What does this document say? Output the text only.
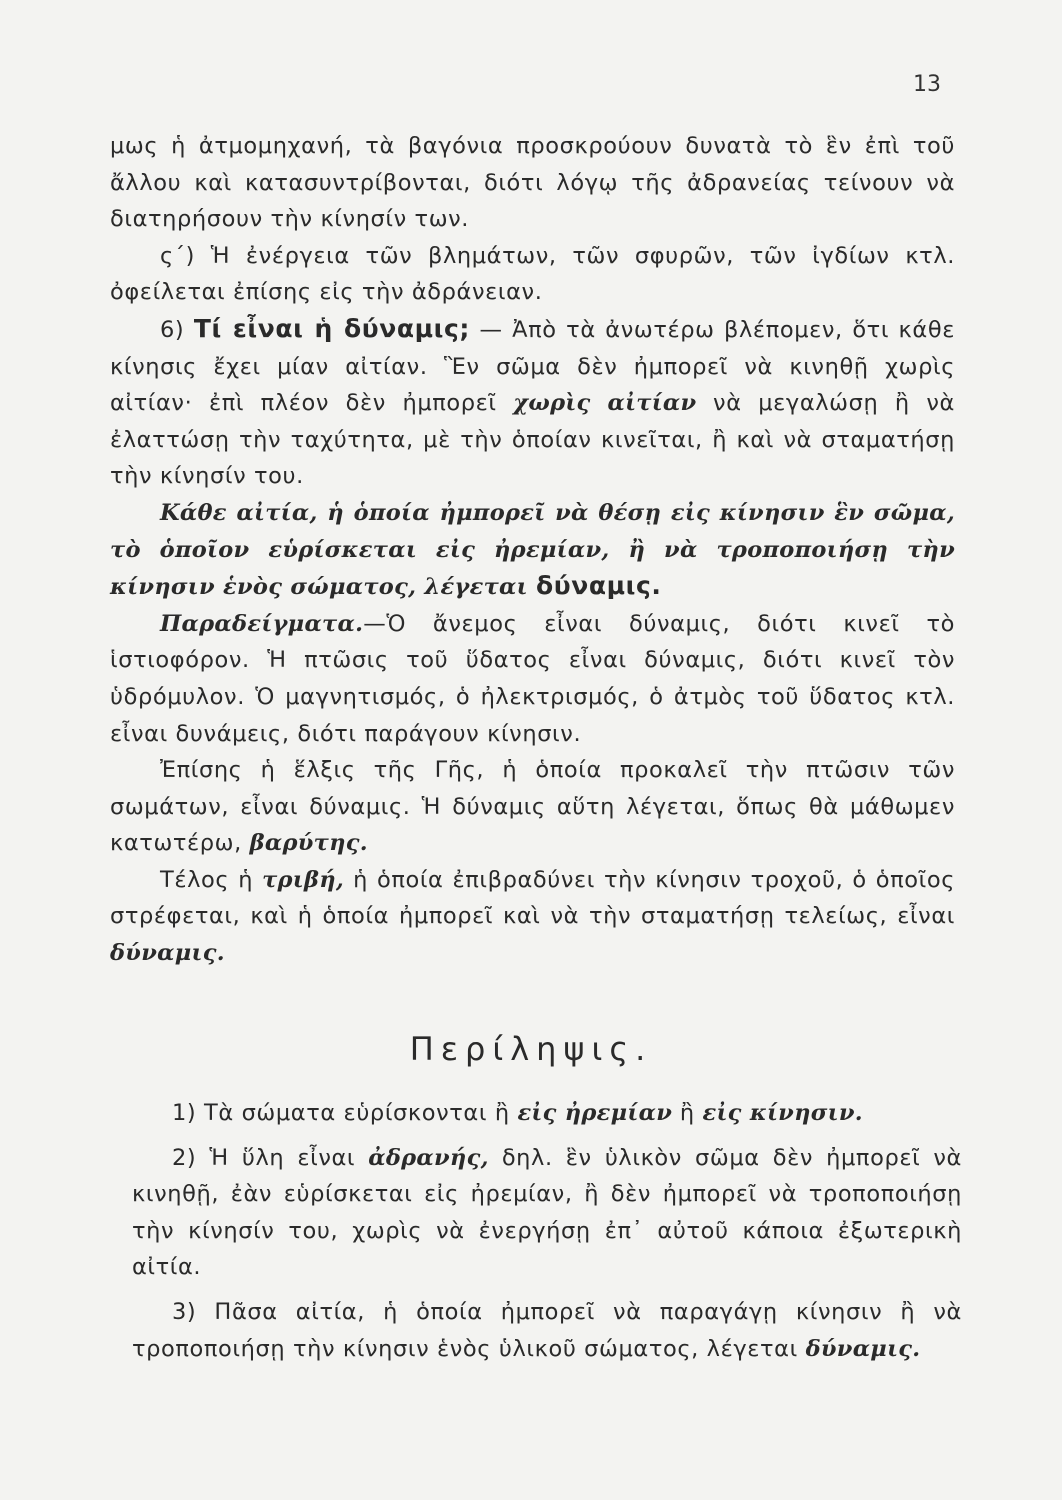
13

μως ἡ ἀτμομηχανή, τὰ βαγόνια προσκρούουν δυνατὰ τὸ ἓν ἐπὶ τοῦ ἄλλου καὶ κατασυντρίβονται, διότι λόγῳ τῆς ἀδρανείας τείνουν νὰ διατηρήσουν τὴν κίνησίν των.

ς´) Ἡ ἐνέργεια τῶν βλημάτων, τῶν σφυρῶν, τῶν ἰγδίων κτλ. ὀφείλεται ἐπίσης εἰς τὴν ἀδράνειαν.

6) Τί εἶναι ἡ δύναμις; — Ἀπὸ τὰ ἀνωτέρω βλέπομεν, ὅτι κάθε κίνησις ἔχει μίαν αἰτίαν. Ἓν σῶμα δὲν ἠμπορεῖ νὰ κινηθῇ χωρὶς αἰτίαν· ἐπὶ πλέον δὲν ἠμπορεῖ χωρὶς αἰτίαν νὰ μεγαλώσῃ ἢ νὰ ἐλαττώσῃ τὴν ταχύτητα, μὲ τὴν ὁποίαν κινεῖται, ἢ καὶ νὰ σταματήσῃ τὴν κίνησίν του.

Κάθε αἰτία, ἡ ὁποία ἠμπορεῖ νὰ θέσῃ εἰς κίνησιν ἓν σῶμα, τὸ ὁποῖον εὑρίσκεται εἰς ἠρεμίαν, ἢ νὰ τροποποιήσῃ τὴν κίνησιν ἑνὸς σώματος, λέγεται δύναμις.

Παραδείγματα.—Ὁ ἄνεμος εἶναι δύναμις, διότι κινεῖ τὸ ἱστιοφόρον. Ἡ πτῶσις τοῦ ὕδατος εἶναι δύναμις, διότι κινεῖ τὸν ὑδρόμυλον. Ὁ μαγνητισμός, ὁ ἠλεκτρισμός, ὁ ἀτμὸς τοῦ ὕδατος κτλ. εἶναι δυνάμεις, διότι παράγουν κίνησιν.

Ἐπίσης ἡ ἕλξις τῆς Γῆς, ἡ ὁποία προκαλεῖ τὴν πτῶσιν τῶν σωμάτων, εἶναι δύναμις. Ἡ δύναμις αὕτη λέγεται, ὅπως θὰ μάθωμεν κατωτέρω, βαρύτης.

Τέλος ἡ τριβή, ἡ ὁποία ἐπιβραδύνει τὴν κίνησιν τροχοῦ, ὁ ὁποῖος στρέφεται, καὶ ἡ ὁποία ἠμπορεῖ καὶ νὰ τὴν σταματήσῃ τελείως, εἶναι δύναμις.

Περίληψις.

1) Τὰ σώματα εὑρίσκονται ἢ εἰς ἠρεμίαν ἢ εἰς κίνησιν.

2) Ἡ ὕλη εἶναι ἀδρανής, δηλ. ἓν ὑλικὸν σῶμα δὲν ἠμπορεῖ νὰ κινηθῇ, ἐὰν εὑρίσκεται εἰς ἠρεμίαν, ἢ δὲν ἠμπορεῖ νὰ τροποποιήσῃ τὴν κίνησίν του, χωρὶς νὰ ἐνεργήσῃ ἐπ᾿ αὐτοῦ κάποια ἐξωτερικὴ αἰτία.

3) Πᾶσα αἰτία, ἡ ὁποία ἠμπορεῖ νὰ παραγάγῃ κίνησιν ἢ νὰ τροποποιήσῃ τὴν κίνησιν ἑνὸς ὑλικοῦ σώματος, λέγεται δύναμις.
